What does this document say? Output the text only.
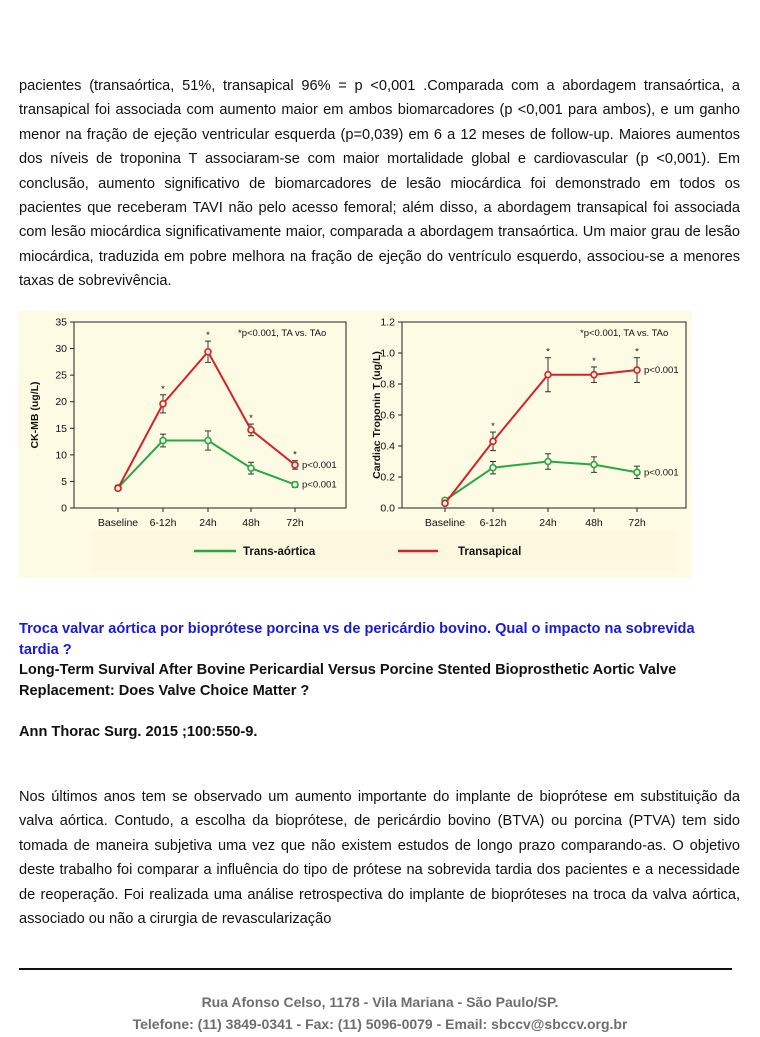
pacientes (transaórtica, 51%, transapical 96% = p <0,001 .Comparada com a abordagem transaórtica, a transapical foi associada com aumento maior em ambos biomarcadores (p <0,001 para ambos), e um ganho menor na fração de ejeção ventricular esquerda (p=0,039) em 6 a 12 meses de follow-up. Maiores aumentos dos níveis de troponina T associaram-se com maior mortalidade global e cardiovascular (p <0,001). Em conclusão, aumento significativo de biomarcadores de lesão miocárdica foi demonstrado em todos os pacientes que receberam TAVI não pelo acesso femoral; além disso, a abordagem transapical foi associada com lesão miocárdica significativamente maior, comparada a abordagem transaórtica. Um maior grau de lesão miocárdica, traduzida em pobre melhora na fração de ejeção do ventrículo esquerdo, associou-se a menores taxas de sobrevivência.

0
5
10
15
20
25
30
35
CK-MB (ug/L)
Baseline 6-12h 24h 48h	72h
*p<0.001, TA vs. TAo
p<0.001
p<0.001
*
*
*
*
0.0
0.2
0.4
0.6
0.8
1.0
1.2
Cardiac Troponin T (ug/L)
Baseline 6-12h	24h	48h 72h
*p<0.001, TA vs. TAo
p<0.001
p<0.001
*
*
*
*
Trans-aórtica	Transapical

Troca valvar aórtica por bioprótese porcina vs de pericárdio bovino. Qual o impacto na sobrevida tardia ?

Long-Term Survival After Bovine Pericardial Versus Porcine Stented Bioprosthetic Aortic Valve Replacement: Does Valve Choice Matter ?

Ann Thorac Surg. 2015 ;100:550-9.

Nos últimos anos tem se observado um aumento importante do implante de bioprótese em substituição da valva aórtica. Contudo, a escolha da bioprótese, de pericárdio bovino (BTVA) ou porcina (PTVA) tem sido tomada de maneira subjetiva uma vez que não existem estudos de longo prazo comparando-as. O objetivo deste trabalho foi comparar a influência do tipo de prótese na sobrevida tardia dos pacientes e a necessidade de reoperação. Foi realizada uma análise retrospectiva do implante de biopróteses na troca da valva aórtica, associado ou não a cirurgia de revascularização

Rua Afonso Celso, 1178 - Vila Mariana - São Paulo/SP.
Telefone: (11) 3849-0341 - Fax: (11) 5096-0079 - Email: sbccv@sbccv.org.br
